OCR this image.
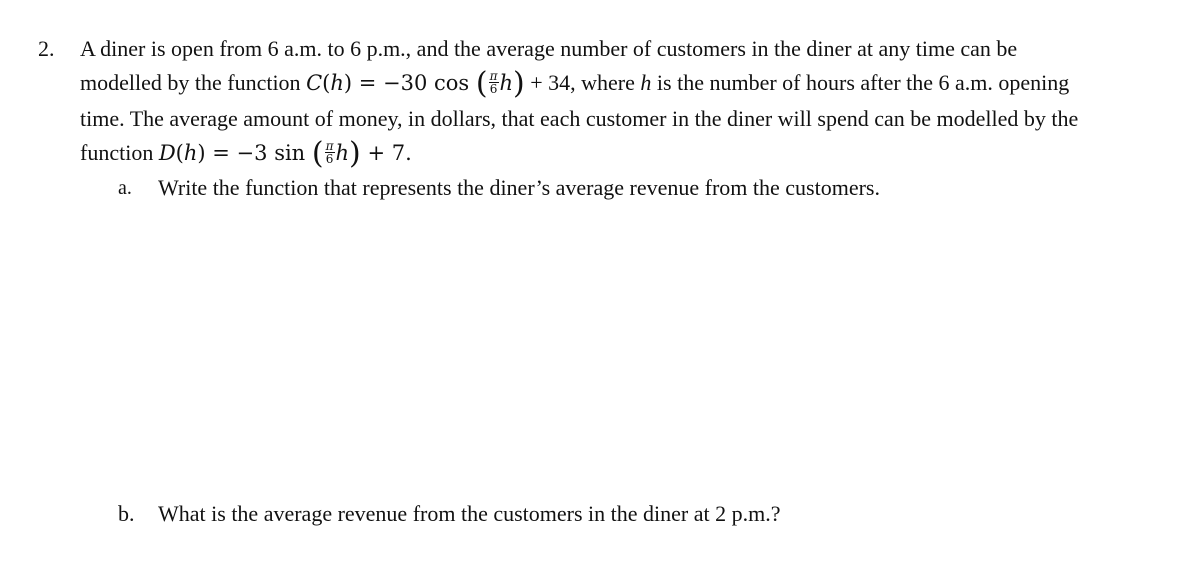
2. A diner is open from 6 a.m. to 6 p.m., and the average number of customers in the diner at any time can be
modelled by the function C(h) = −30 cos ( $\frac{\pi}{6} h) + 34$, where h is the number of hours after the 6 a.m. opening
time. The average amount of money, in dollars, that each customer in the diner will spend can be modelled by the
function D(h) = −3 sin ( $\frac{\pi}{6} h) + 7$.
a. Write the function that represents the diner’s average revenue from the customers.
b. What is the average revenue from the customers in the diner at 2 p.m.?
